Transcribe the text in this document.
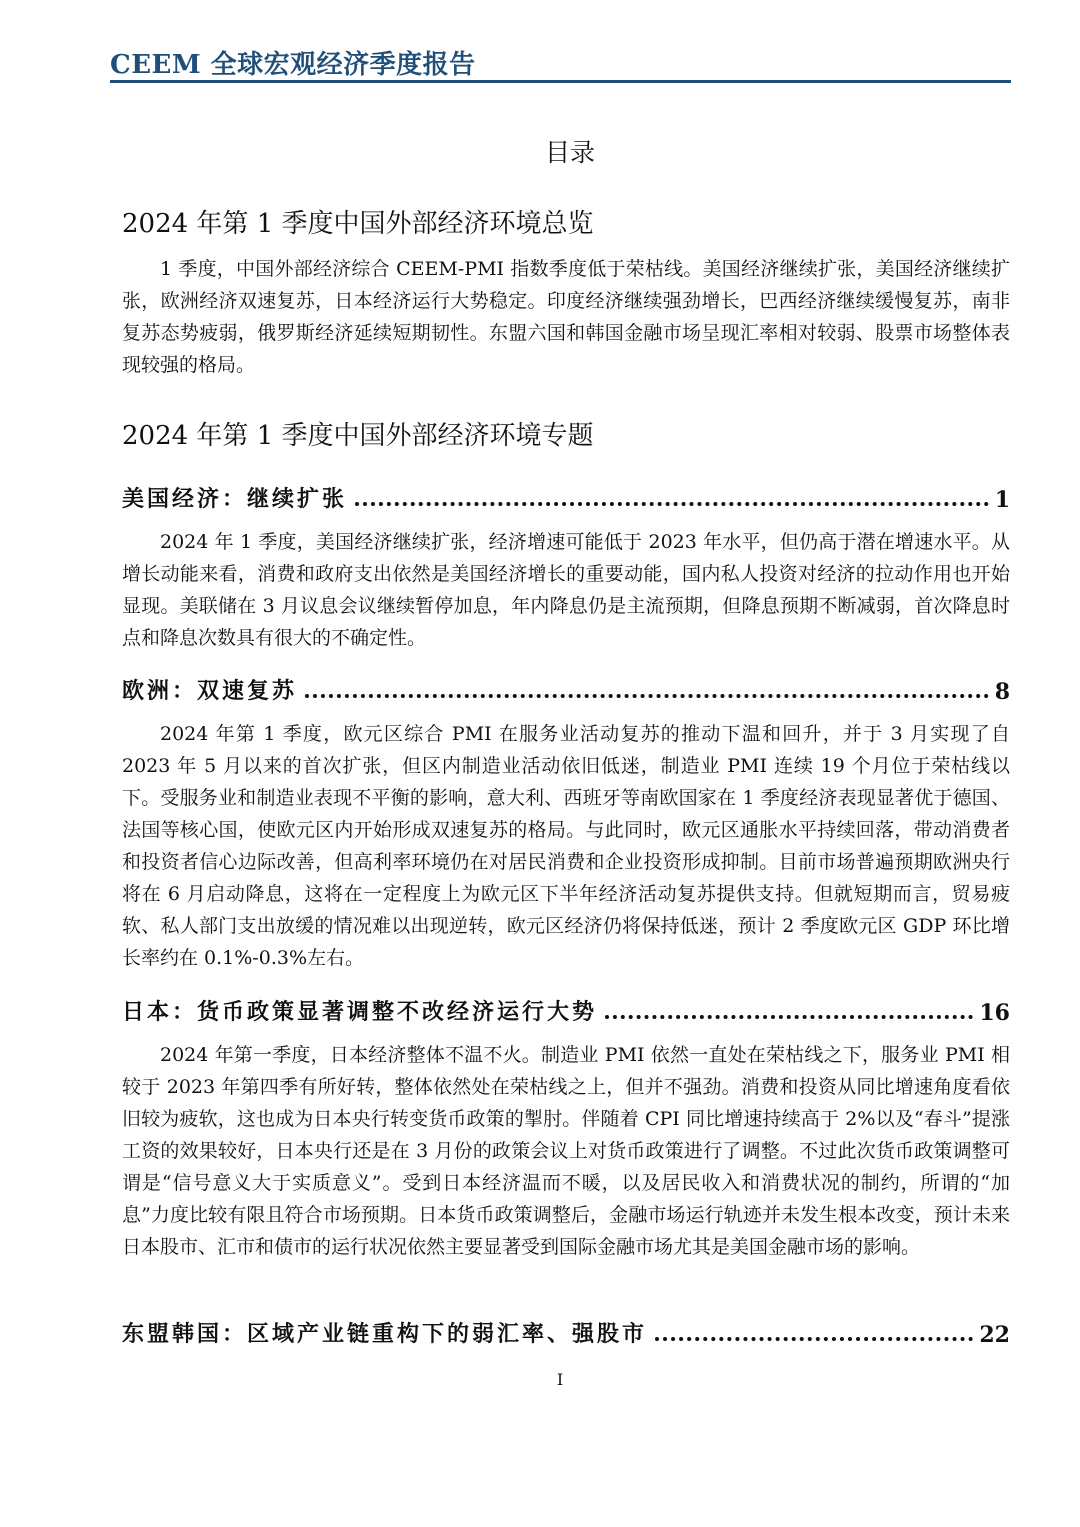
CEEM 全球宏观经济季度报告
目录
2024 年第 1 季度中国外部经济环境总览

1 季度，中国外部经济综合 CEEM-PMI 指数季度低于荣枯线。美国经济继续扩张，美国经济继续扩张，欧洲经济双速复苏，日本经济运行大势稳定。印度经济继续强劲增长，巴西经济继续缓慢复苏，南非复苏态势疲弱，俄罗斯经济延续短期韧性。东盟六国和韩国金融市场呈现汇率相对较弱、股票市场整体表现较强的格局。

2024 年第 1 季度中国外部经济环境专题
美国经济：继续扩张	1

2024 年 1 季度，美国经济继续扩张，经济增速可能低于 2023 年水平，但仍高于潜在增速水平。从增长动能来看，消费和政府支出依然是美国经济增长的重要动能，国内私人投资对经济的拉动作用也开始显现。美联储在 3 月议息会议继续暂停加息，年内降息仍是主流预期，但降息预期不断减弱，首次降息时点和降息次数具有很大的不确定性。

欧洲：双速复苏	8

2024 年第 1 季度，欧元区综合 PMI 在服务业活动复苏的推动下温和回升，并于 3 月实现了自 2023 年 5 月以来的首次扩张，但区内制造业活动依旧低迷，制造业 PMI 连续 19 个月位于荣枯线以下。受服务业和制造业表现不平衡的影响，意大利、西班牙等南欧国家在 1 季度经济表现显著优于德国、法国等核心国，使欧元区内开始形成双速复苏的格局。与此同时，欧元区通胀水平持续回落，带动消费者和投资者信心边际改善，但高利率环境仍在对居民消费和企业投资形成抑制。目前市场普遍预期欧洲央行将在 6 月启动降息，这将在一定程度上为欧元区下半年经济活动复苏提供支持。但就短期而言，贸易疲软、私人部门支出放缓的情况难以出现逆转，欧元区经济仍将保持低迷，预计 2 季度欧元区 GDP 环比增长率约在 0.1%-0.3%左右。

日本：货币政策显著调整不改经济运行大势	16

2024 年第一季度，日本经济整体不温不火。制造业 PMI 依然一直处在荣枯线之下，服务业 PMI 相较于 2023 年第四季有所好转，整体依然处在荣枯线之上，但并不强劲。消费和投资从同比增速角度看依旧较为疲软，这也成为日本央行转变货币政策的掣肘。伴随着 CPI 同比增速持续高于 2%以及“春斗”提涨工资的效果较好，日本央行还是在 3 月份的政策会议上对货币政策进行了调整。不过此次货币政策调整可谓是“信号意义大于实质意义”。受到日本经济温而不暖，以及居民收入和消费状况的制约，所谓的“加息”力度比较有限且符合市场预期。日本货币政策调整后，金融市场运行轨迹并未发生根本改变，预计未来日本股市、汇市和债市的运行状况依然主要显著受到国际金融市场尤其是美国金融市场的影响。

东盟韩国：区域产业链重构下的弱汇率、强股市	22
I
